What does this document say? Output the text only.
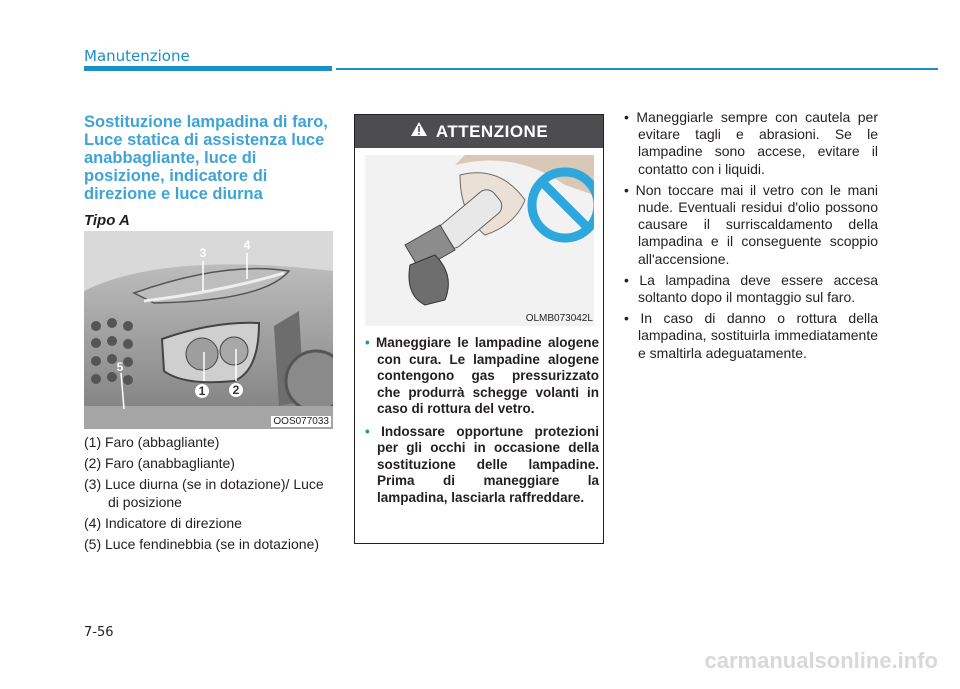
Manutenzione
Sostituzione lampadina di faro,
Luce statica di assistenza luce
anabbagliante, luce di
posizione, indicatore di
direzione e luce diurna

Tipo A

3
4
1 2
5
OOS077033
(1) Faro (abbagliante)
(2) Faro (anabbagliante)
(3) Luce diurna (se in dotazione)/ Luce di posizione
(4) Indicatore di direzione
(5) Luce fendinebbia (se in dotazione)
ATTENZIONE
OLMB073042L
• Maneggiare le lampadine alogene con cura. Le lampadine alogene contengono gas pressurizzato che produrrà schegge volanti in caso di rottura del vetro.
• Indossare opportune protezioni per gli occhi in occasione della sostituzione delle lampadine. Prima di maneggiare la lampadina, lasciarla raffreddare.
• Maneggiarle sempre con cautela per evitare tagli e abrasioni. Se le lampadine sono accese, evitare il contatto con i liquidi.
• Non toccare mai il vetro con le mani nude. Eventuali residui d'olio possono causare il surriscaldamento della lampadina e il conseguente scoppio all'accensione.
• La lampadina deve essere accesa soltanto dopo il montaggio sul faro.
• In caso di danno o rottura della lampadina, sostituirla immediatamente e smaltirla adeguatamente.
7-56
carmanualsonline.info
